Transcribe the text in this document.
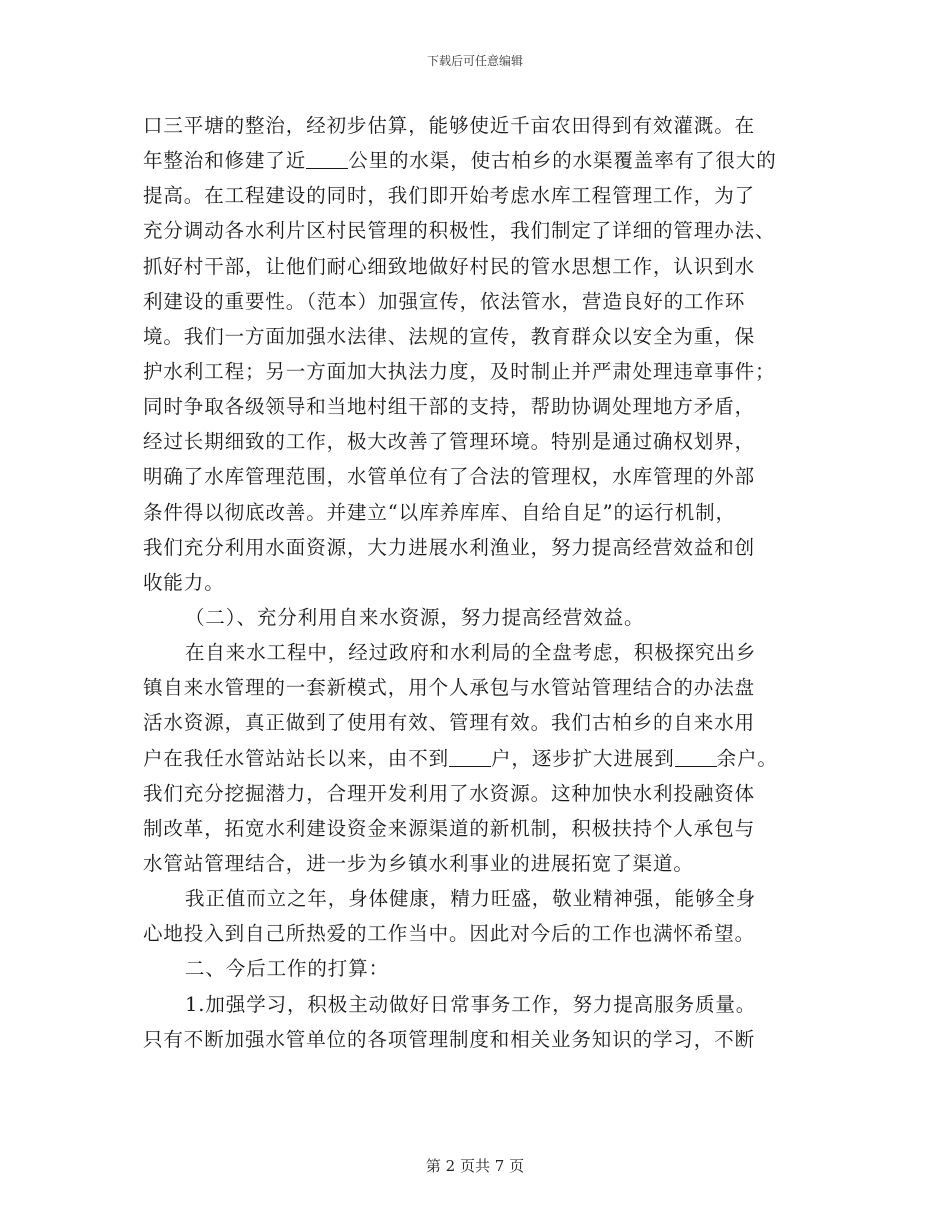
下载后可任意编辑
口三平塘的整治，经初步估算，能够使近千亩农田得到有效灌溉。在
年整治和修建了近 公里的水渠，使古柏乡的水渠覆盖率有了很大的
提高。在工程建设的同时，我们即开始考虑水库工程管理工作，为了
充分调动各水利片区村民管理的积极性，我们制定了详细的管理办法、
抓好村干部，让他们耐心细致地做好村民的管水思想工作，认识到水
利建设的重要性。（范本）加强宣传，依法管水，营造良好的工作环
境。我们一方面加强水法律、法规的宣传，教育群众以安全为重，保
护水利工程；另一方面加大执法力度，及时制止并严肃处理违章事件；
同时争取各级领导和当地村组干部的支持，帮助协调处理地方矛盾，
经过长期细致的工作，极大改善了管理环境。特别是通过确权划界，
明确了水库管理范围，水管单位有了合法的管理权，水库管理的外部
条件得以彻底改善。并建立“以库养库库、自给自足”的运行机制，
我们充分利用水面资源，大力进展水利渔业，努力提高经营效益和创
收能力。
（二）、充分利用自来水资源，努力提高经营效益。
在自来水工程中，经过政府和水利局的全盘考虑，积极探究出乡
镇自来水管理的一套新模式，用个人承包与水管站管理结合的办法盘
活水资源，真正做到了使用有效、管理有效。我们古柏乡的自来水用
户在我任水管站站长以来，由不到 户，逐步扩大进展到 余户。
我们充分挖掘潜力，合理开发利用了水资源。这种加快水利投融资体
制改革，拓宽水利建设资金来源渠道的新机制，积极扶持个人承包与
水管站管理结合，进一步为乡镇水利事业的进展拓宽了渠道。
我正值而立之年，身体健康，精力旺盛，敬业精神强，能够全身
心地投入到自己所热爱的工作当中。因此对今后的工作也满怀希望。
二、今后工作的打算：
1.加强学习，积极主动做好日常事务工作，努力提高服务质量。
只有不断加强水管单位的各项管理制度和相关业务知识的学习，不断
第 2 页共 7 页
